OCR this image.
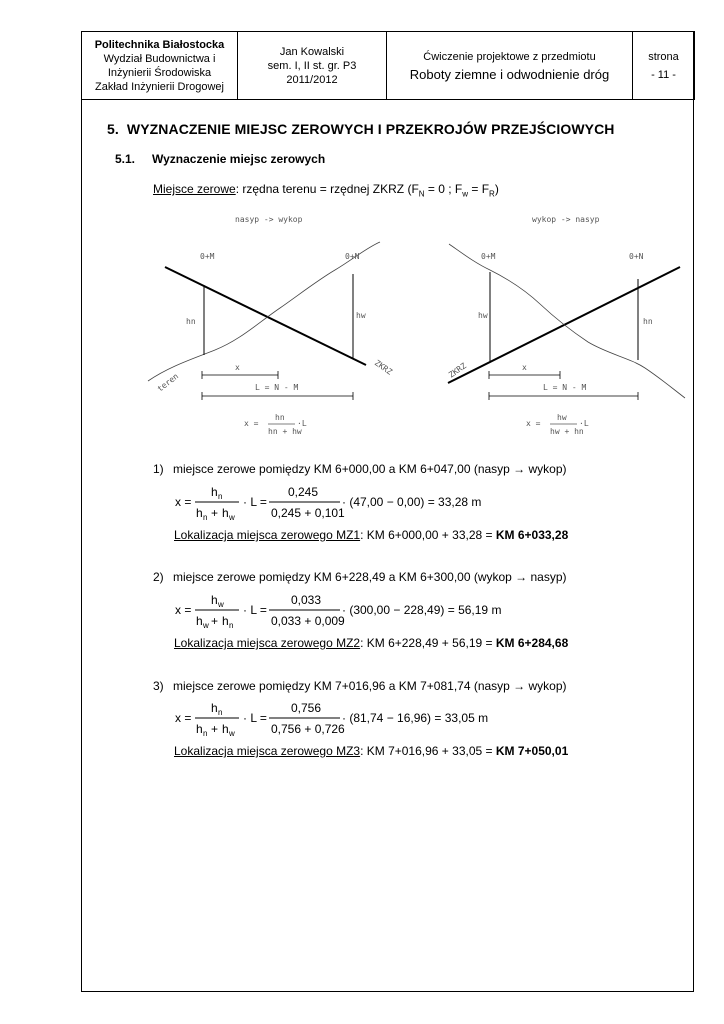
Politechnika Białostocka
Wydział Budownictwa i
Inżynierii Środowiska
Zakład Inżynierii Drogowej

Jan Kowalski
sem. I, II st. gr. P3
2011/2012

Ćwiczenie projektowe z przedmiotu
Roboty ziemne i odwodnienie dróg

strona
- 11 -
5. WYZNACZENIE MIEJSC ZEROWYCH I PRZEKROJÓW PRZEJŚCIOWYCH
5.1. Wyznaczenie miejsc zerowych
Miejsce zerowe: rzędna terenu = rzędnej ZKRZ ($F_N = 0$ ; $F_w = F_R$)
nasyp -> wykop
0+M	0+N
hn
hw
x
L = N - M
teren
ZKRZ
x =
hn
hn + hw
·L
wykop -> nasyp
0+M	0+N
hw
hn
x
L = N - M
ZKRZ
x =
hw
hw + hn
·L
1) miejsce zerowe pomiędzy KM 6+000,00 a KM 6+047,00 (nasyp → wykop)
x =
h n
h n + h w
· L =
0,245
0,245 + 0,101
· (47,00 − 0,00) = 33,28 m
Lokalizacja miejsca zerowego MZ1: KM 6+000,00 + 33,28 = KM 6+033,28
2) miejsce zerowe pomiędzy KM 6+228,49 a KM 6+300,00 (wykop → nasyp)
x =
h w
h w + h n
· L =
0,033
0,033 + 0,009
· (300,00 − 228,49) = 56,19 m
Lokalizacja miejsca zerowego MZ2: KM 6+228,49 + 56,19 = KM 6+284,68
3) miejsce zerowe pomiędzy KM 7+016,96 a KM 7+081,74 (nasyp → wykop)
x =
h n
h n + h w
· L =
0,756
0,756 + 0,726
· (81,74 − 16,96) = 33,05 m
Lokalizacja miejsca zerowego MZ3: KM 7+016,96 + 33,05 = KM 7+050,01
